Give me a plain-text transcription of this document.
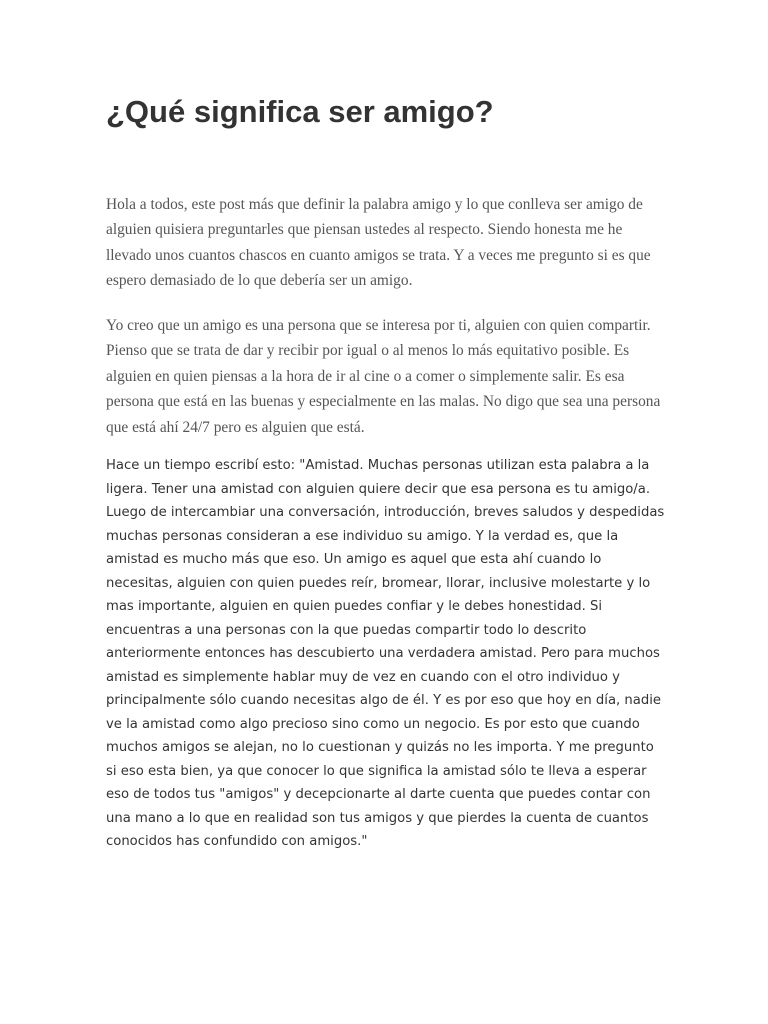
¿Qué significa ser amigo?

Hola a todos, este post más que definir la palabra amigo y lo que conlleva ser amigo de alguien quisiera preguntarles que piensan ustedes al respecto. Siendo honesta me he llevado unos cuantos chascos en cuanto amigos se trata. Y a veces me pregunto si es que espero demasiado de lo que debería ser un amigo.

Yo creo que un amigo es una persona que se interesa por ti, alguien con quien compartir. Pienso que se trata de dar y recibir por igual o al menos lo más equitativo posible. Es alguien en quien piensas a la hora de ir al cine o a comer o simplemente salir. Es esa persona que está en las buenas y especialmente en las malas. No digo que sea una persona que está ahí 24/7 pero es alguien que está.

Hace un tiempo escribí esto: "Amistad. Muchas personas utilizan esta palabra a la ligera. Tener una amistad con alguien quiere decir que esa persona es tu amigo/a. Luego de intercambiar una conversación, introducción, breves saludos y despedidas muchas personas consideran a ese individuo su amigo. Y la verdad es, que la amistad es mucho más que eso. Un amigo es aquel que esta ahí cuando lo necesitas, alguien con quien puedes reír, bromear, llorar, inclusive molestarte y lo mas importante, alguien en quien puedes confiar y le debes honestidad. Si encuentras a una personas con la que puedas compartir todo lo descrito anteriormente entonces has descubierto una verdadera amistad. Pero para muchos amistad es simplemente hablar muy de vez en cuando con el otro individuo y principalmente sólo cuando necesitas algo de él. Y es por eso que hoy en día, nadie ve la amistad como algo precioso sino como un negocio. Es por esto que cuando muchos amigos se alejan, no lo cuestionan y quizás no les importa. Y me pregunto si eso esta bien, ya que conocer lo que significa la amistad sólo te lleva a esperar eso de todos tus "amigos" y decepcionarte al darte cuenta que puedes contar con una mano a lo que en realidad son tus amigos y que pierdes la cuenta de cuantos conocidos has confundido con amigos."
